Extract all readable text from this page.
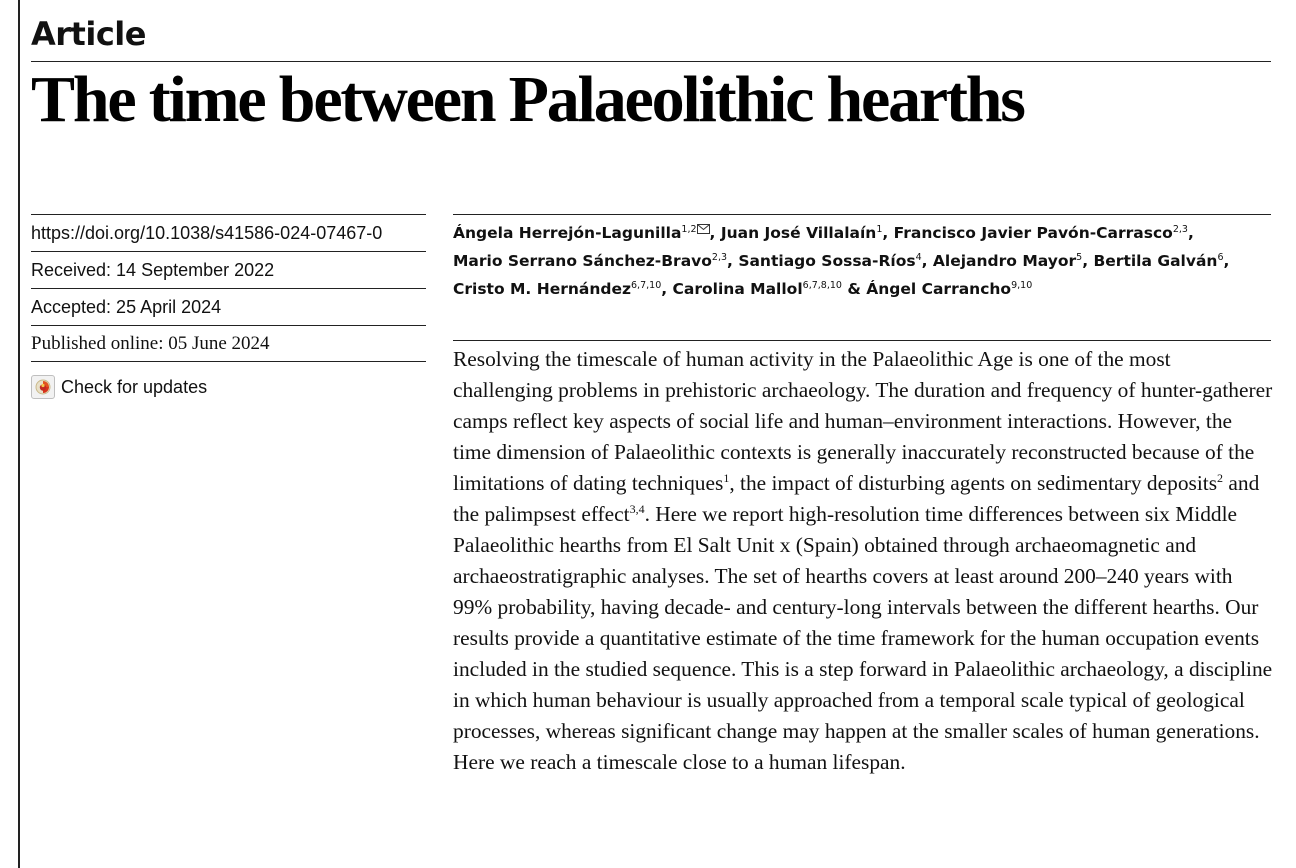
Article
The time between Palaeolithic hearths
https://doi.org/10.1038/s41586-024-07467-0
Received: 14 September 2022
Accepted: 25 April 2024
Published online: 05 June 2024
Check for updates

Ángela Herrejón-Lagunilla$^{1,2}$ , Juan José Villalaín$^1$, Francisco Javier Pavón-Carrasco$^{2,3}$,
Mario Serrano Sánchez-Bravo$^{2,3}$, Santiago Sossa-Ríos$^4$, Alejandro Mayor$^5$, Bertila Galván$^6$,
Cristo M. Hernández$^{6,7,10}$, Carolina Mallol$^{6,7,8,10}$ & Ángel Carrancho$^{9,10}$

Resolving the timescale of human activity in the Palaeolithic Age is one of the most challenging problems in prehistoric archaeology. The duration and frequency of hunter-gatherer camps reflect key aspects of social life and human–environment interactions. However, the time dimension of Palaeolithic contexts is generally inaccurately reconstructed because of the limitations of dating techniques$^1$, the impact of disturbing agents on sedimentary deposits$^2$ and the palimpsest effect$^{3,4}$. Here we report high-resolution time differences between six Middle Palaeolithic hearths from El Salt Unit x (Spain) obtained through archaeomagnetic and archaeostratigraphic analyses. The set of hearths covers at least around 200–240 years with 99% probability, having decade- and century-long intervals between the different hearths. Our results provide a quantitative estimate of the time framework for the human occupation events included in the studied sequence. This is a step forward in Palaeolithic archaeology, a discipline in which human behaviour is usually approached from a temporal scale typical of geological processes, whereas significant change may happen at the smaller scales of human generations. Here we reach a timescale close to a human lifespan.
